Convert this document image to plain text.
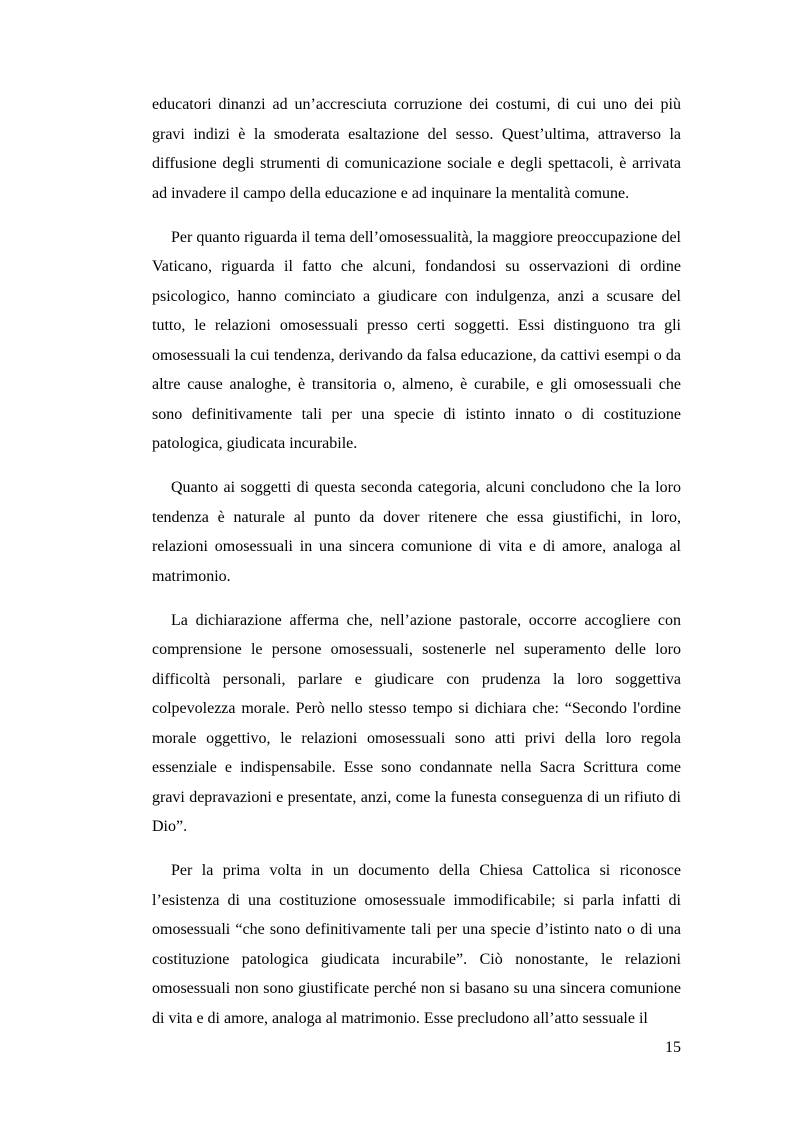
educatori dinanzi ad un’accresciuta corruzione dei costumi, di cui uno dei più gravi indizi è la smoderata esaltazione del sesso. Quest’ultima, attraverso la diffusione degli strumenti di comunicazione sociale e degli spettacoli, è arrivata ad invadere il campo della educazione e ad inquinare la mentalità comune.

Per quanto riguarda il tema dell’omosessualità, la maggiore preoccupazione del Vaticano, riguarda il fatto che alcuni, fondandosi su osservazioni di ordine psicologico, hanno cominciato a giudicare con indulgenza, anzi a scusare del tutto, le relazioni omosessuali presso certi soggetti. Essi distinguono tra gli omosessuali la cui tendenza, derivando da falsa educazione, da cattivi esempi o da altre cause analoghe, è transitoria o, almeno, è curabile, e gli omosessuali che sono definitivamente tali per una specie di istinto innato o di costituzione patologica, giudicata incurabile.

Quanto ai soggetti di questa seconda categoria, alcuni concludono che la loro tendenza è naturale al punto da dover ritenere che essa giustifichi, in loro, relazioni omosessuali in una sincera comunione di vita e di amore, analoga al matrimonio.

La dichiarazione afferma che, nell’azione pastorale, occorre accogliere con comprensione le persone omosessuali, sostenerle nel superamento delle loro difficoltà personali, parlare e giudicare con prudenza la loro soggettiva colpevolezza morale. Però nello stesso tempo si dichiara che: “Secondo l'ordine morale oggettivo, le relazioni omosessuali sono atti privi della loro regola essenziale e indispensabile. Esse sono condannate nella Sacra Scrittura come gravi depravazioni e presentate, anzi, come la funesta conseguenza di un rifiuto di Dio”.

Per la prima volta in un documento della Chiesa Cattolica si riconosce l’esistenza di una costituzione omosessuale immodificabile; si parla infatti di omosessuali “che sono definitivamente tali per una specie d’istinto nato o di una costituzione patologica giudicata incurabile”. Ciò nonostante, le relazioni omosessuali non sono giustificate perché non si basano su una sincera comunione di vita e di amore, analoga al matrimonio. Esse precludono all’atto sessuale il

15
